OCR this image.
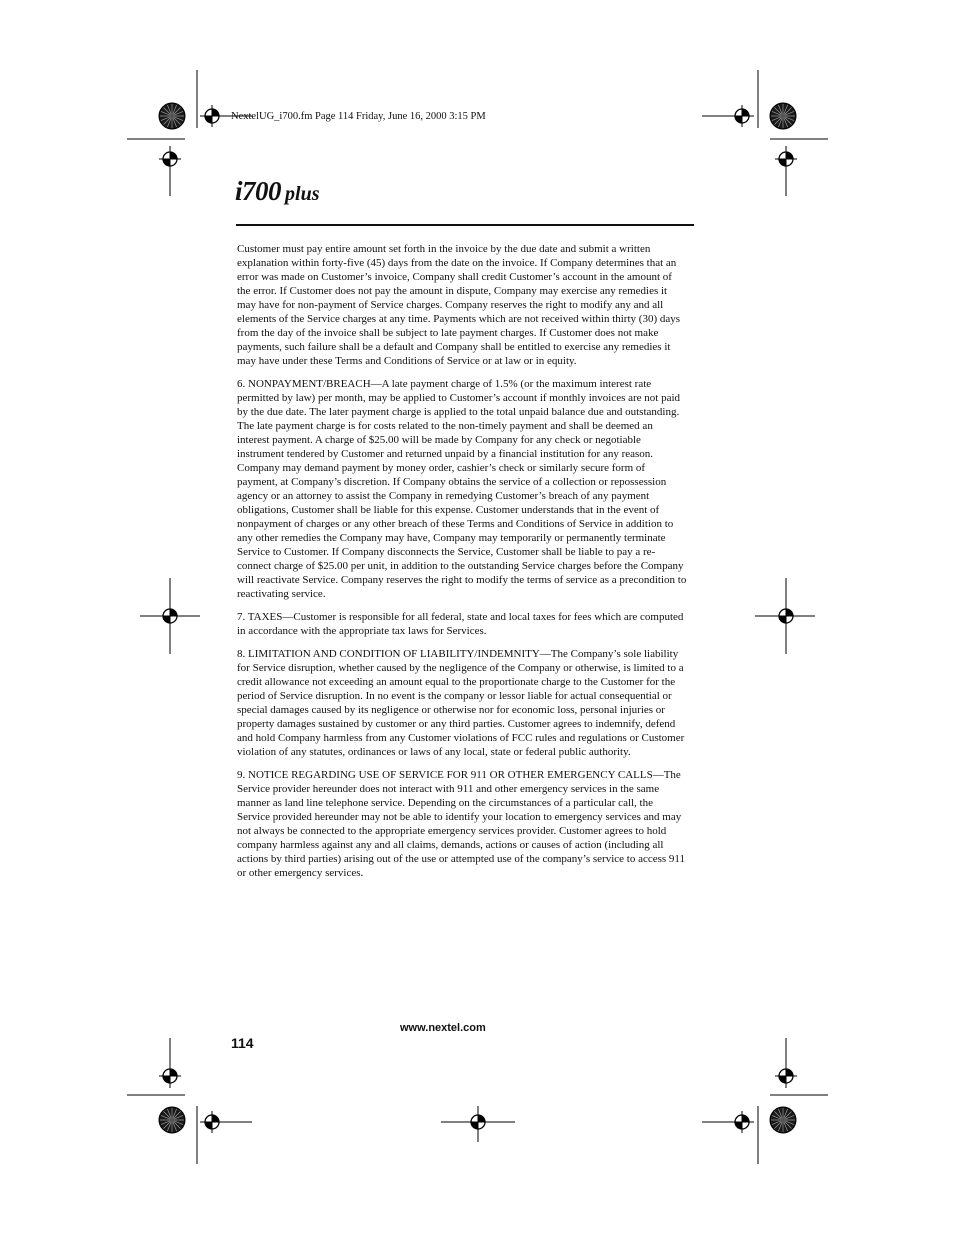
NextelUG_i700.fm Page 114 Friday, June 16, 2000 3:15 PM
i700 plus

Customer must pay entire amount set forth in the invoice by the due date and submit a written explanation within forty-five (45) days from the date on the invoice. If Company determines that an error was made on Customer’s invoice, Company shall credit Customer’s account in the amount of the error. If Customer does not pay the amount in dispute, Company may exercise any remedies it may have for non-payment of Service charges. Company reserves the right to modify any and all elements of the Service charges at any time. Payments which are not received within thirty (30) days from the day of the invoice shall be subject to late payment charges. If Customer does not make payments, such failure shall be a default and Company shall be entitled to exercise any remedies it may have under these Terms and Conditions of Service or at law or in equity.

6. NONPAYMENT/BREACH—A late payment charge of 1.5% (or the maximum interest rate permitted by law) per month, may be applied to Customer’s account if monthly invoices are not paid by the due date. The later payment charge is applied to the total unpaid balance due and outstanding. The late payment charge is for costs related to the non-timely payment and shall be deemed an interest payment. A charge of $25.00 will be made by Company for any check or negotiable instrument tendered by Customer and returned unpaid by a financial institution for any reason. Company may demand payment by money order, cashier’s check or similarly secure form of payment, at Company’s discretion. If Company obtains the service of a collection or repossession agency or an attorney to assist the Company in remedying Customer’s breach of any payment obligations, Customer shall be liable for this expense. Customer understands that in the event of nonpayment of charges or any other breach of these Terms and Conditions of Service in addition to any other remedies the Company may have, Company may temporarily or permanently terminate Service to Customer. If Company disconnects the Service, Customer shall be liable to pay a re-connect charge of $25.00 per unit, in addition to the outstanding Service charges before the Company will reactivate Service. Company reserves the right to modify the terms of service as a precondition to reactivating service.

7. TAXES—Customer is responsible for all federal, state and local taxes for fees which are computed in accordance with the appropriate tax laws for Services.

8. LIMITATION AND CONDITION OF LIABILITY/INDEMNITY—The Company’s sole liability for Service disruption, whether caused by the negligence of the Company or otherwise, is limited to a credit allowance not exceeding an amount equal to the proportionate charge to the Customer for the period of Service disruption. In no event is the company or lessor liable for actual consequential or special damages caused by its negligence or otherwise nor for economic loss, personal injuries or property damages sustained by customer or any third parties. Customer agrees to indemnify, defend and hold Company harmless from any Customer violations of FCC rules and regulations or Customer violation of any statutes, ordinances or laws of any local, state or federal public authority.

9. NOTICE REGARDING USE OF SERVICE FOR 911 OR OTHER EMERGENCY CALLS—The Service provider hereunder does not interact with 911 and other emergency services in the same manner as land line telephone service. Depending on the circumstances of a particular call, the Service provided hereunder may not be able to identify your location to emergency services and may not always be connected to the appropriate emergency services provider. Customer agrees to hold company harmless against any and all claims, demands, actions or causes of action (including all actions by third parties) arising out of the use or attempted use of the company’s service to access 911 or other emergency services.

www.nextel.com
114
